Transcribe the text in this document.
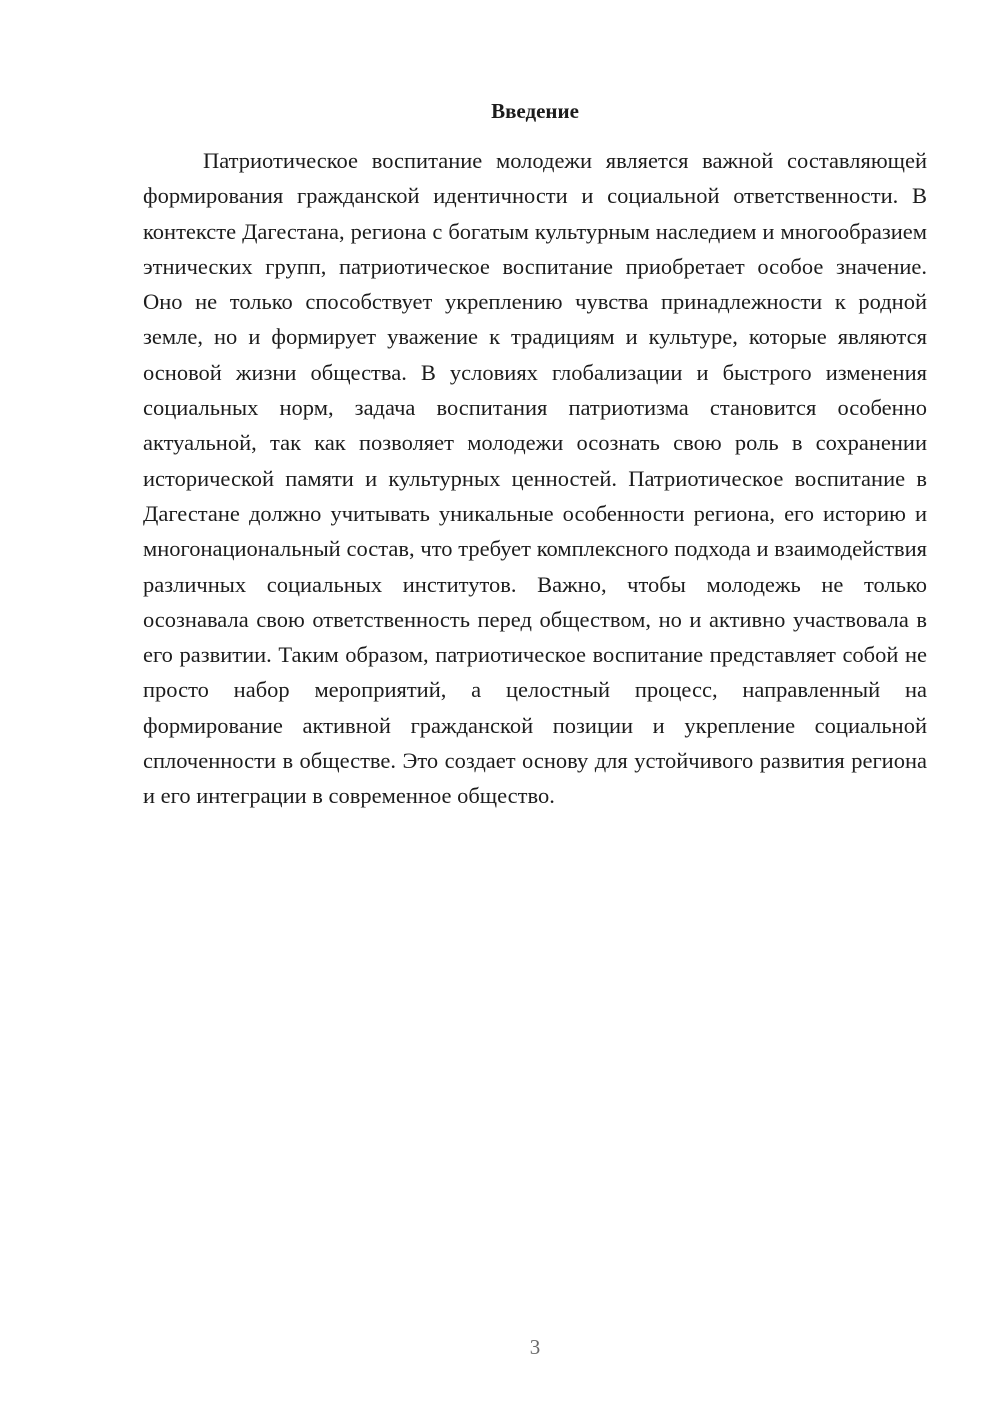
Введение

Патриотическое воспитание молодежи является важной составляющей формирования гражданской идентичности и социальной ответственности. В контексте Дагестана, региона с богатым культурным наследием и многообразием этнических групп, патриотическое воспитание приобретает особое значение. Оно не только способствует укреплению чувства принадлежности к родной земле, но и формирует уважение к традициям и культуре, которые являются основой жизни общества. В условиях глобализации и быстрого изменения социальных норм, задача воспитания патриотизма становится особенно актуальной, так как позволяет молодежи осознать свою роль в сохранении исторической памяти и культурных ценностей. Патриотическое воспитание в Дагестане должно учитывать уникальные особенности региона, его историю и многонациональный состав, что требует комплексного подхода и взаимодействия различных социальных институтов. Важно, чтобы молодежь не только осознавала свою ответственность перед обществом, но и активно участвовала в его развитии. Таким образом, патриотическое воспитание представляет собой не просто набор мероприятий, а целостный процесс, направленный на формирование активной гражданской позиции и укрепление социальной сплоченности в обществе. Это создает основу для устойчивого развития региона и его интеграции в современное общество.

3
